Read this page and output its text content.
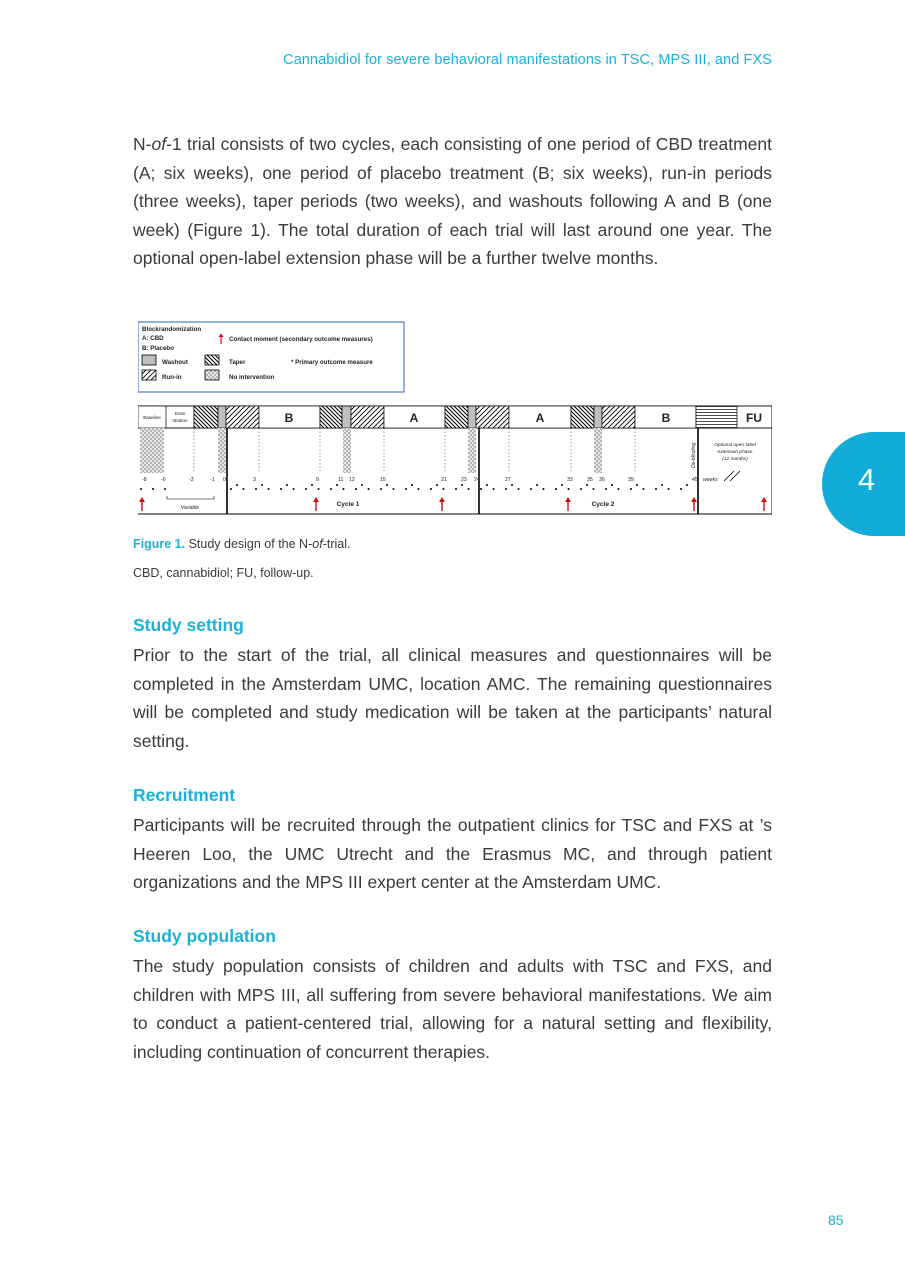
Cannabidiol for severe behavioral manifestations in TSC, MPS III, and FXS

N-of-1 trial consists of two cycles, each consisting of one period of CBD treatment (A; six weeks), one period of placebo treatment (B; six weeks), run-in periods (three weeks), taper periods (two weeks), and washouts following A and B (one week) (Figure 1). The total duration of each trial will last around one year. The optional open-label extension phase will be a further twelve months.

Blockrandomization
A: CBD
B: Placebo
Contact moment (secondary outcome measures)
Washout	Taper	* Primary outcome measure
Run-in	No intervention
Baseline
Dose
titration	B	A	A	B	FU
De-blinding	Optional open-label
extension phase
(12 months)
-8	-6	-3	-1 0	3	9	11 12	15	21	23 24	27	33	35 36	39	45 weeks
Variable	Cycle 1	Cycle 2
Figure 1. Study design of the N-of-trial.
CBD, cannabidiol; FU, follow-up.
Study setting

Prior to the start of the trial, all clinical measures and questionnaires will be completed in the Amsterdam UMC, location AMC. The remaining questionnaires will be completed and study medication will be taken at the participants’ natural setting.

Recruitment

Participants will be recruited through the outpatient clinics for TSC and FXS at ’s Heeren Loo, the UMC Utrecht and the Erasmus MC, and through patient organizations and the MPS III expert center at the Amsterdam UMC.

Study population

The study population consists of children and adults with TSC and FXS, and children with MPS III, all suffering from severe behavioral manifestations. We aim to conduct a patient-centered trial, allowing for a natural setting and flexibility, including continuation of concurrent therapies.

4
85
